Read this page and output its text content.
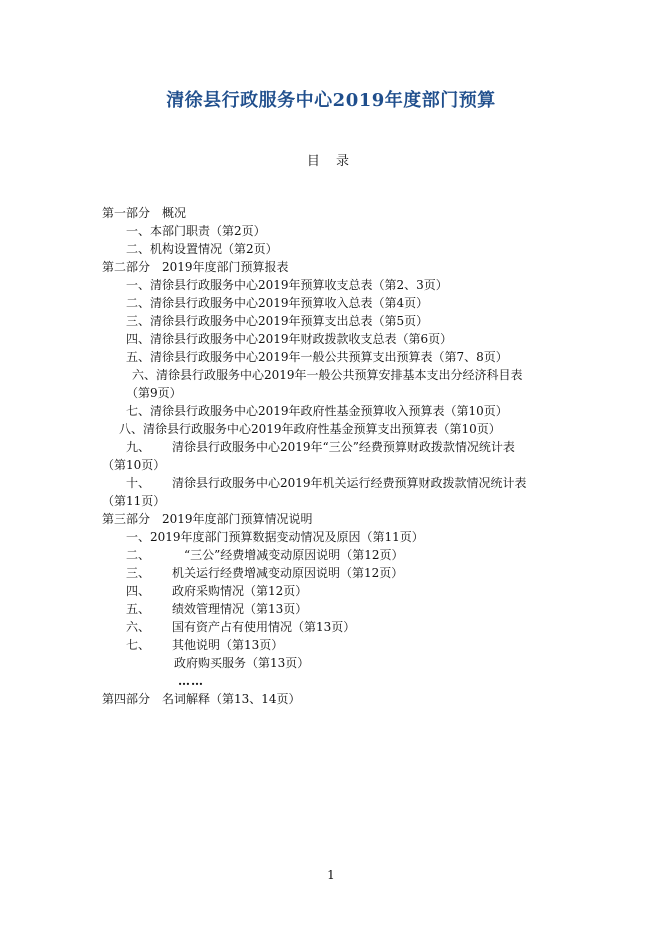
清徐县行政服务中心2019年度部门预算
目 录
第一部分　概况
一、本部门职责（第2页）
二、机构设置情况（第2页）
第二部分　2019年度部门预算报表
一、清徐县行政服务中心2019年预算收支总表（第2、3页）
二、清徐县行政服务中心2019年预算收入总表（第4页）
三、清徐县行政服务中心2019年预算支出总表（第5页）
四、清徐县行政服务中心2019年财政拨款收支总表（第6页）
五、清徐县行政服务中心2019年一般公共预算支出预算表（第7、8页）
六、清徐县行政服务中心2019年一般公共预算安排基本支出分经济科目表
（第9页）
七、清徐县行政服务中心2019年政府性基金预算收入预算表（第10页）
八、清徐县行政服务中心2019年政府性基金预算支出预算表（第10页）
九、 清徐县行政服务中心2019年“三公”经费预算财政拨款情况统计表
（第10页）
十、 清徐县行政服务中心2019年机关运行经费预算财政拨款情况统计表
（第11页）
第三部分　2019年度部门预算情况说明
一、2019年度部门预算数据变动情况及原因（第11页）
二、	“三公”经费增减变动原因说明（第12页）
三、 机关运行经费增减变动原因说明（第12页）
四、 政府采购情况（第12页）
五、 绩效管理情况（第13页）
六、 国有资产占有使用情况（第13页）
七、 其他说明（第13页）
政府购买服务（第13页）
……
第四部分　名词解释（第13、14页）
1
